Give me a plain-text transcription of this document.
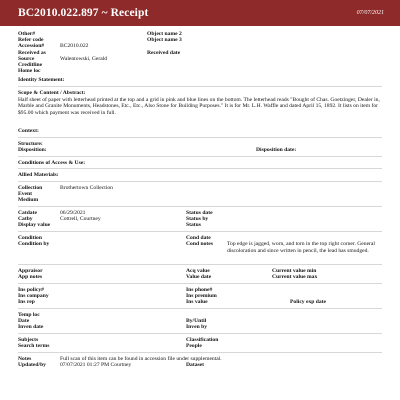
BC2010.022.897 ~ Receipt	07/07/2021
Other#	Object name 2
Refer code	Object name 3
Accession#	BC2010.022
Received as	Received date
Source	Walentowski, Gerald
Creditline
Home loc
Identity Statement:
Scope & Content / Abstract:
Half sheet of paper with letterhead printed at the top and a grid in pink and blue lines on the bottom. The letterhead reads "Bought of Chas. Goetzinger, Dealer in, Marble and Granite Monuments, Headstones, Etc., Etc., Also Stone for Building Purposes." It is for Mr. L.H. Waffle and dated April 15, 1892. It lists on item for $95.00 which payment was received in full.
Context:
Structure:
Disposition:	Disposition date:
Conditions of Access & Use:
Allied Materials:
Collection	Brothertown Collection
Event
Medium
Catdate	06/29/2021	Status date
Catby	Cottrell, Courtney	Status by
Display value	Status
Condition	Cond date
Condition by	Cond notes	Top edge is jagged, worn, and torn in the top right corner. General discoloration and since written in pencil, the lead has smudged.
Appraisor	Acq value	Current value min
App notes	Value date	Current value max
Ins policy#	Ins phone#
Ins company	Ins premium
Ins rep	Ins value	Policy exp date
Temp loc
Date	By/Until
Inven date	Inven by
Subjects	Classification
Search terms	People
Notes	Full scan of this item can be found in accession file under supplemental.
Updated/by	07/07/2021 01:27 PM Courtney	Dataset
